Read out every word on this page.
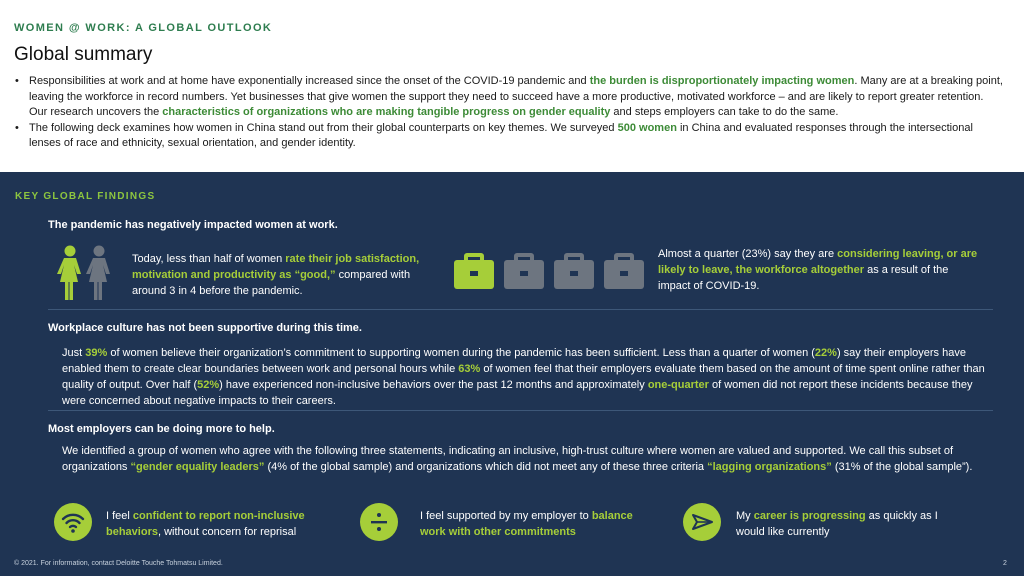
WOMEN @ WORK: A GLOBAL OUTLOOK
Global summary
• Responsibilities at work and at home have exponentially increased since the onset of the COVID-19 pandemic and the burden is disproportionately impacting women. Many are at a breaking point, leaving the workforce in record numbers. Yet businesses that give women the support they need to succeed have a more productive, motivated workforce – and are likely to report greater retention. Our research uncovers the characteristics of organizations who are making tangible progress on gender equality and steps employers can take to do the same.
• The following deck examines how women in China stand out from their global counterparts on key themes. We surveyed 500 women in China and evaluated responses through the intersectional lenses of race and ethnicity, sexual orientation, and gender identity.
KEY GLOBAL FINDINGS
The pandemic has negatively impacted women at work.
Today, less than half of women rate their job satisfaction, motivation and productivity as “good,” compared with around 3 in 4 before the pandemic.
Almost a quarter (23%) say they are considering leaving, or are likely to leave, the workforce altogether as a result of the impact of COVID-19.
Workplace culture has not been supportive during this time.
Just 39% of women believe their organization’s commitment to supporting women during the pandemic has been sufficient. Less than a quarter of women (22%) say their employers have enabled them to create clear boundaries between work and personal hours while 63% of women feel that their employers evaluate them based on the amount of time spent online rather than quality of output. Over half (52%) have experienced non-inclusive behaviors over the past 12 months and approximately one-quarter of women did not report these incidents because they were concerned about negative impacts to their careers.
Most employers can be doing more to help.
We identified a group of women who agree with the following three statements, indicating an inclusive, high-trust culture where women are valued and supported. We call this subset of organizations “gender equality leaders” (4% of the global sample) and organizations which did not meet any of these three criteria “lagging organizations” (31% of the global sample”).
I feel confident to report non-inclusive behaviors, without concern for reprisal
I feel supported by my employer to balance work with other commitments
My career is progressing as quickly as I would like currently
© 2021. For information, contact Deloitte Touche Tohmatsu Limited.	2
